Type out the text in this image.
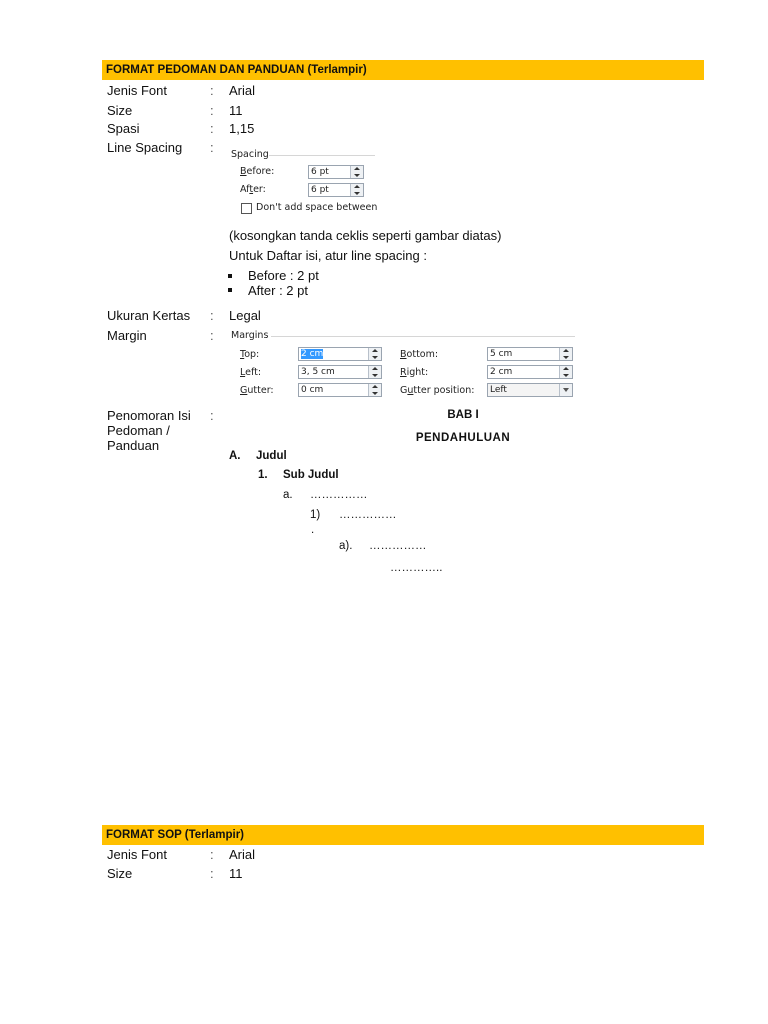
FORMAT PEDOMAN DAN PANDUAN (Terlampir)
Jenis Font	: Arial
Size	: 11
Spasi	: 1,15
Line Spacing : Spacing
Before:	6 pt
After:	6 pt
Don't add space between
(kosongkan tanda ceklis seperti gambar diatas)
Untuk Daftar isi, atur line spacing :
Before : 2 pt
After : 2 pt
Ukuran Kertas : Legal
Margin	: Margins
Top:	2 cm	Bottom:	5 cm
Left:	3, 5 cm	Right:	2 cm
Gutter:	0 cm	Gutter position: Left
Penomoran Isi
Pedoman /
Panduan
:	BAB I
PENDAHULUAN
A. Judul
1. Sub Judul
a. ……………
1) ……………
.
a). ……………
…………..
FORMAT SOP (Terlampir)
Jenis Font	: Arial
Size	: 11
